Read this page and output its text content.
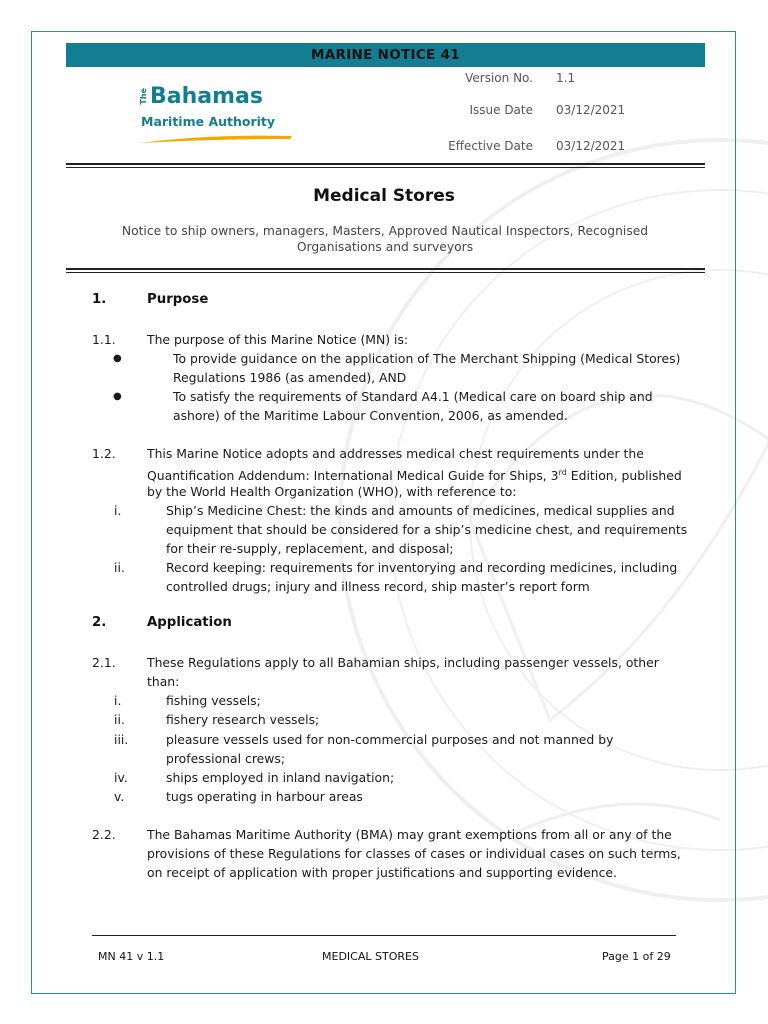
MARINE NOTICE 41
The Bahamas
Maritime Authority
Version No. 1.1
Issue Date 03/12/2021
Effective Date 03/12/2021
Medical Stores
Notice to ship owners, managers, Masters, Approved Nautical Inspectors, Recognised
Organisations and surveyors
1.	Purpose
1.1.	The purpose of this Marine Notice (MN) is:
●	To provide guidance on the application of The Merchant Shipping (Medical Stores)
Regulations 1986 (as amended), AND
●	To satisfy the requirements of Standard A4.1 (Medical care on board ship and
ashore) of the Maritime Labour Convention, 2006, as amended.
1.2.	This Marine Notice adopts and addresses medical chest requirements under the
Quantification Addendum: International Medical Guide for Ships, 3rd Edition, published
by the World Health Organization (WHO), with reference to:
i.	Ship’s Medicine Chest: the kinds and amounts of medicines, medical supplies and
equipment that should be considered for a ship’s medicine chest, and requirements
for their re-supply, replacement, and disposal;
ii.	Record keeping: requirements for inventorying and recording medicines, including
controlled drugs; injury and illness record, ship master’s report form
2.	Application
2.1.	These Regulations apply to all Bahamian ships, including passenger vessels, other
than:
i.	fishing vessels;
ii.	fishery research vessels;
iii.	pleasure vessels used for non-commercial purposes and not manned by
professional crews;
iv.	ships employed in inland navigation;
v.	tugs operating in harbour areas
2.2.	The Bahamas Maritime Authority (BMA) may grant exemptions from all or any of the
provisions of these Regulations for classes of cases or individual cases on such terms,
on receipt of application with proper justifications and supporting evidence.
MN 41 v 1.1	MEDICAL STORES	Page 1 of 29
